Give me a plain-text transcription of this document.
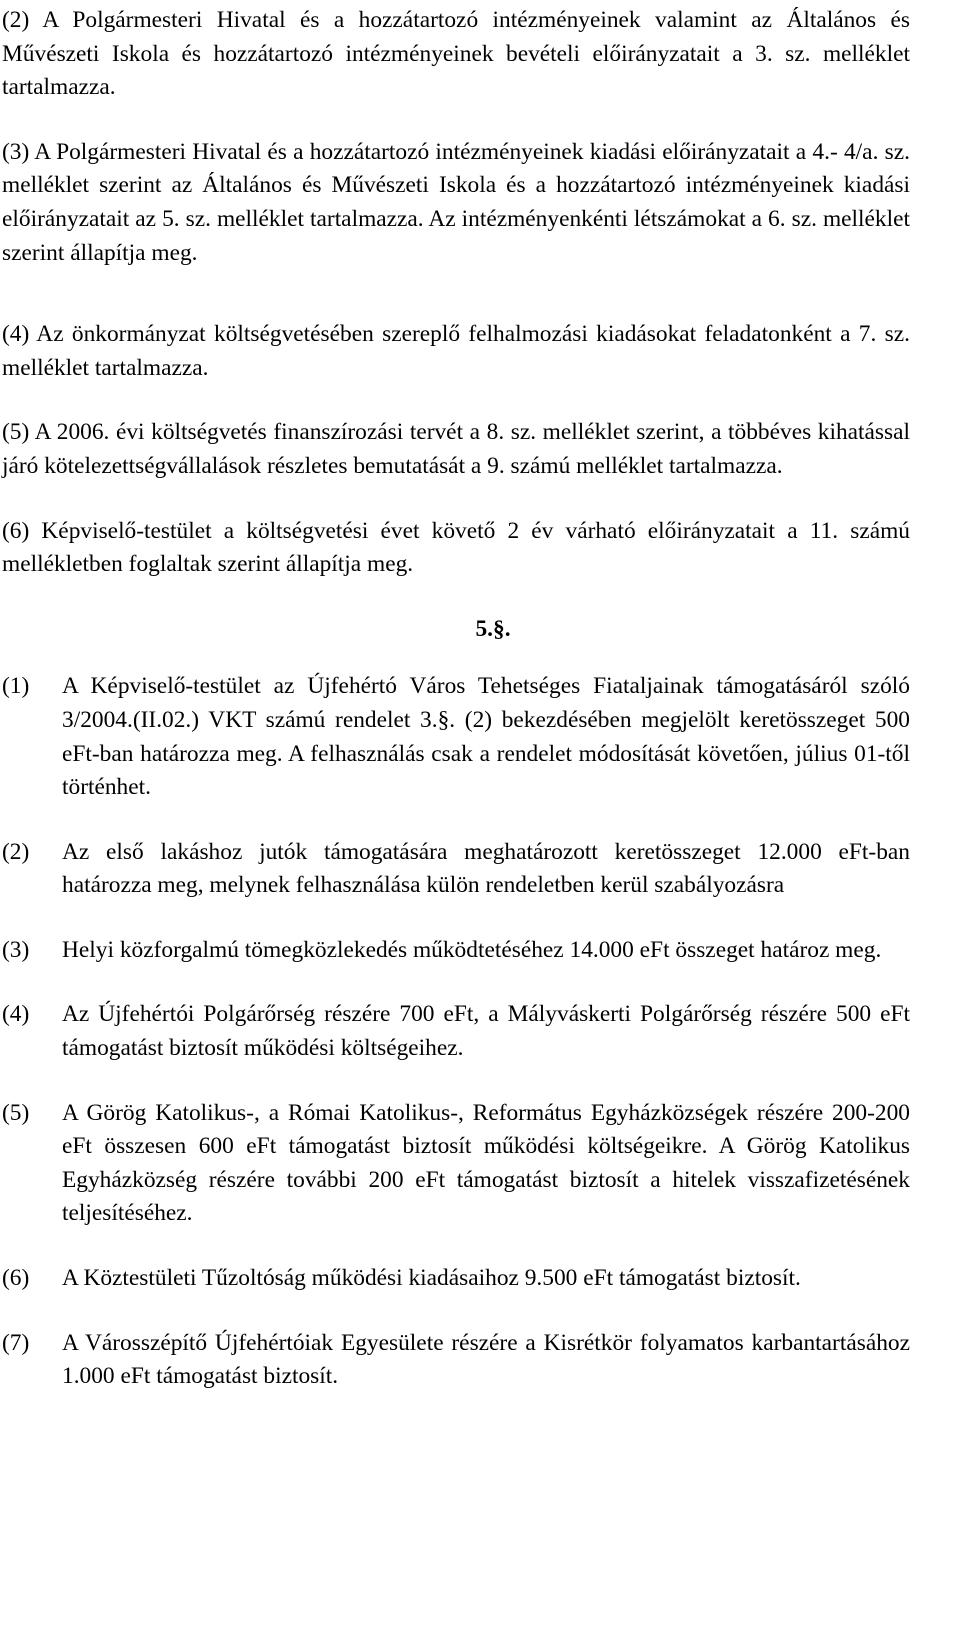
(2) A Polgármesteri Hivatal és a hozzátartozó intézményeinek valamint az Általános és Művészeti Iskola és hozzátartozó intézményeinek bevételi előirányzatait a 3. sz. melléklet tartalmazza.

(3) A Polgármesteri Hivatal és a hozzátartozó intézményeinek kiadási előirányzatait a 4.- 4/a. sz. melléklet szerint az Általános és Művészeti Iskola és a hozzátartozó intézményeinek kiadási előirányzatait az 5. sz. melléklet tartalmazza. Az intézményenkénti létszámokat a 6. sz. melléklet szerint állapítja meg.

(4) Az önkormányzat költségvetésében szereplő felhalmozási kiadásokat feladatonként a 7. sz. melléklet tartalmazza.

(5) A 2006. évi költségvetés finanszírozási tervét a 8. sz. melléklet szerint, a többéves kihatással járó kötelezettségvállalások részletes bemutatását a 9. számú melléklet tartalmazza.

(6) Képviselő-testület a költségvetési évet követő 2 év várható előirányzatait a 11. számú mellékletben foglaltak szerint állapítja meg.

5.§.
(1)	A Képviselő-testület az Újfehértó Város Tehetséges Fiataljainak támogatásáról szóló 3/2004.(II.02.) VKT számú rendelet 3.§. (2) bekezdésében megjelölt keretösszeget 500 eFt-ban határozza meg. A felhasználás csak a rendelet módosítását követően, július 01-től történhet.
(2)	Az első lakáshoz jutók támogatására meghatározott keretösszeget 12.000 eFt-ban határozza meg, melynek felhasználása külön rendeletben kerül szabályozásra
(3)	Helyi közforgalmú tömegközlekedés működtetéséhez 14.000 eFt összeget határoz meg.
(4)	Az Újfehértói Polgárőrség részére 700 eFt, a Mályváskerti Polgárőrség részére 500 eFt támogatást biztosít működési költségeihez.
(5)	A Görög Katolikus-, a Római Katolikus-, Református Egyházközségek részére 200-200 eFt összesen 600 eFt támogatást biztosít működési költségeikre. A Görög Katolikus Egyházközség részére további 200 eFt támogatást biztosít a hitelek visszafizetésének teljesítéséhez.
(6)	A Köztestületi Tűzoltóság működési kiadásaihoz 9.500 eFt támogatást biztosít.
(7)	A Városszépítő Újfehértóiak Egyesülete részére a Kisrétkör folyamatos karbantartásához 1.000 eFt támogatást biztosít.
